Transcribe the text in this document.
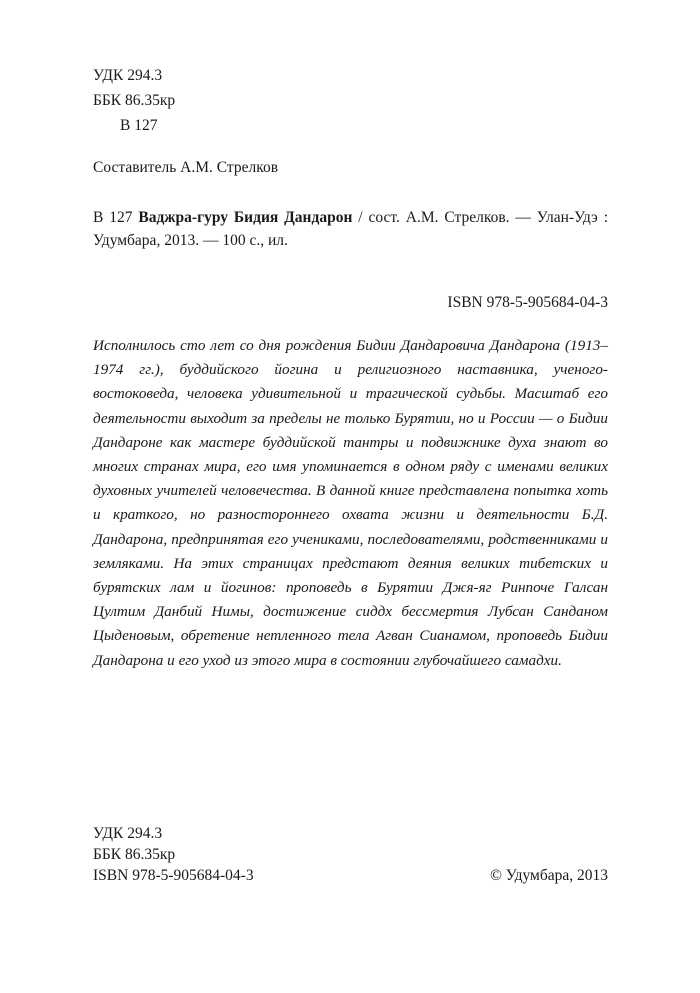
УДК 294.3
ББК 86.35кр
В 127
Составитель А.М. Стрелков
В 127 Ваджра-гуру Бидия Дандарон / сост. А.М. Стрелков. — Улан-Удэ : Удумбара, 2013. — 100 с., ил.
ISBN 978-5-905684-04-3
Исполнилось сто лет со дня рождения Бидии Дандаровича Дандарона (1913–1974 гг.), буддийского йогина и религиозного наставника, ученого-востоковеда, человека удивительной и трагической судьбы. Масштаб его деятельности выходит за пределы не только Бурятии, но и России — о Бидии Дандароне как мастере буддийской тантры и подвижнике духа знают во многих странах мира, его имя упоминается в одном ряду с именами великих духовных учителей человечества. В данной книге представлена попытка хоть и краткого, но разностороннего охвата жизни и деятельности Б.Д. Дандарона, предпринятая его учениками, последователями, родственниками и земляками. На этих страницах предстают деяния великих тибетских и бурятских лам и йогинов: проповедь в Бурятии Джя-яг Ринпоче Галсан Цултим Данбий Нимы, достижение сиддх бессмертия Лубсан Санданом Цыденовым, обретение нетленного тела Агван Сианамом, проповедь Бидии Дандарона и его уход из этого мира в состоянии глубочайшего самадхи.
УДК 294.3
ББК 86.35кр
ISBN 978-5-905684-04-3	© Удумбара, 2013
